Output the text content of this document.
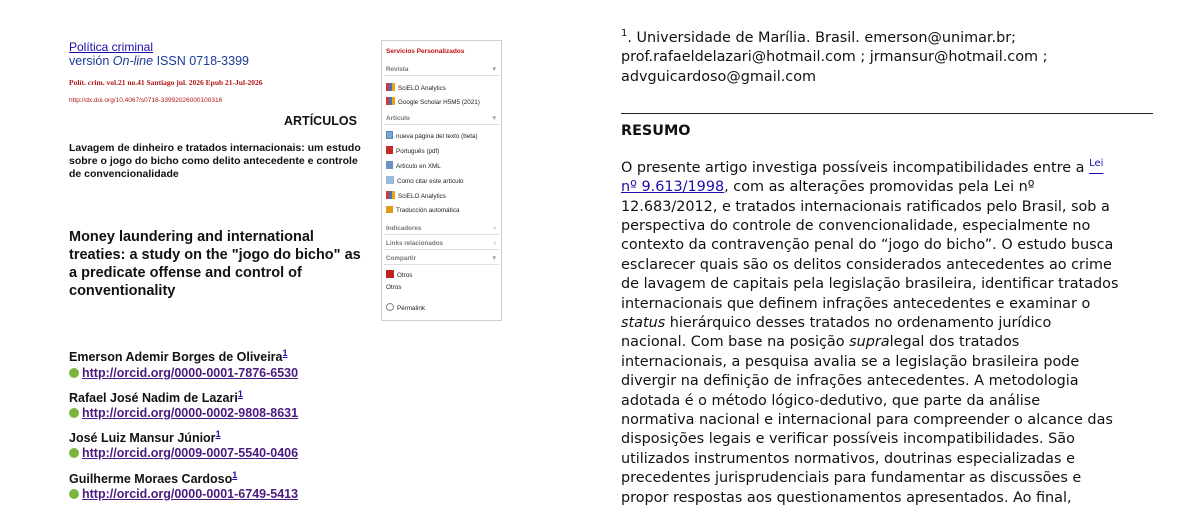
Política criminal
versión On-line ISSN 0718-3399
Polít. crim. vol.21 no.41 Santiago jul. 2026 Epub 21-Jul-2026
http://dx.doi.org/10.4067/s0718-33992026000100316
ARTÍCULOS
Lavagem de dinheiro e tratados internacionais: um estudo sobre o jogo do bicho como delito antecedente e controle de convencionalidade
Money laundering and international treaties: a study on the "jogo do bicho" as a predicate offense and control of conventionality
Emerson Ademir Borges de Oliveira$^1$
http://orcid.org/0000-0001-7876-6530
Rafael José Nadim de Lazari$^1$
http://orcid.org/0000-0002-9808-8631
José Luiz Mansur Júnior$^1$
http://orcid.org/0009-0007-5540-0406
Guilherme Moraes Cardoso$^1$
http://orcid.org/0000-0001-6749-5413
Servicios Personalizados
Revista	▾
SciELO Analytics
Google Scholar H5M5 (2021)
Articulo	▾
nueva página del texto (beta)
Português (pdf)
Artículo en XML
Como citar este artículo
SciELO Analytics
Traducción automática
Indicadores	‹
Links relacionados	‹
Compartir	▾
Otros
Otros
Permalink
$^1$. Universidade de Marília. Brasil. emerson@unimar.br;
prof.rafaeldelazari@hotmail.com ; jrmansur@hotmail.com ;
advguicardoso@gmail.com
RESUMO
O presente artigo investiga possíveis incompatibilidades entre a $^{Lei}$
nº 9.613/1998, com as alterações promovidas pela Lei nº
12.683/2012, e tratados internacionais ratificados pelo Brasil, sob a
perspectiva do controle de convencionalidade, especialmente no
contexto da contravenção penal do “jogo do bicho”. O estudo busca
esclarecer quais são os delitos considerados antecedentes ao crime
de lavagem de capitais pela legislação brasileira, identificar tratados
internacionais que definem infrações antecedentes e examinar o
status hierárquico desses tratados no ordenamento jurídico
nacional. Com base na posição supralegal dos tratados
internacionais, a pesquisa avalia se a legislação brasileira pode
divergir na definição de infrações antecedentes. A metodologia
adotada é o método lógico-dedutivo, que parte da análise
normativa nacional e internacional para compreender o alcance das
disposições legais e verificar possíveis incompatibilidades. São
utilizados instrumentos normativos, doutrinas especializadas e
precedentes jurisprudenciais para fundamentar as discussões e
propor respostas aos questionamentos apresentados. Ao final,
